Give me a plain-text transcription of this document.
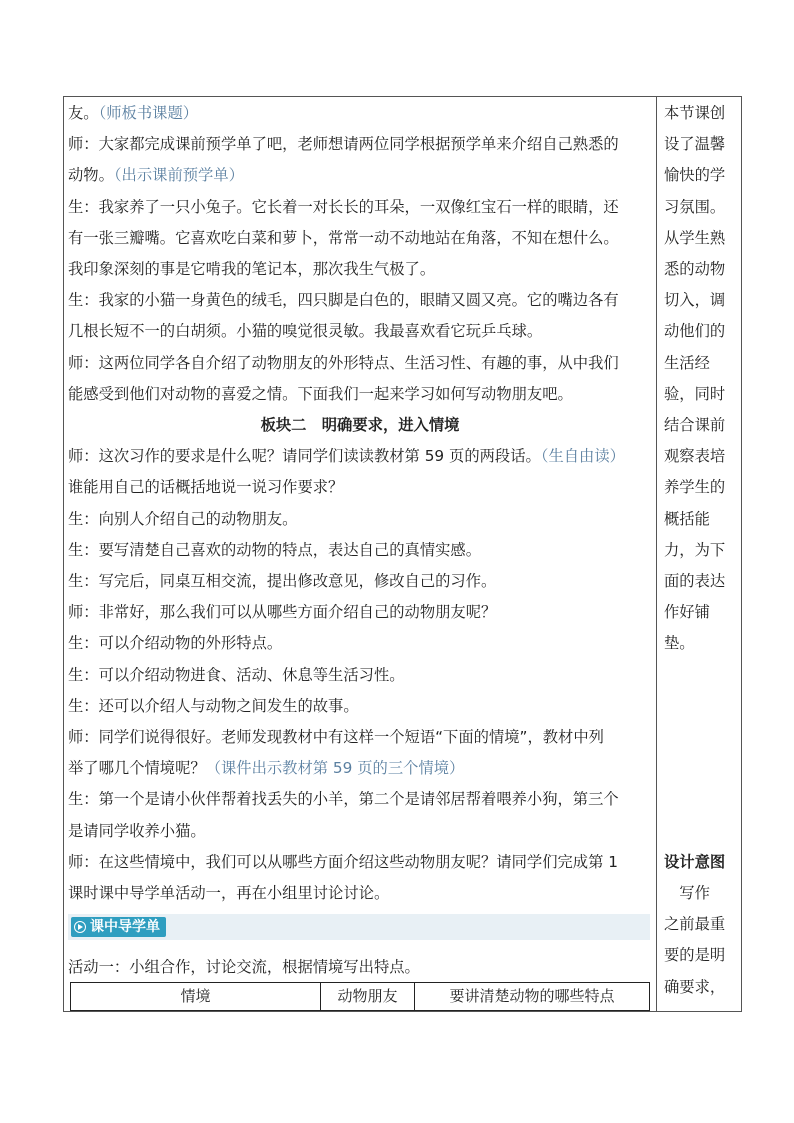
友。（师板书课题）
师：大家都完成课前预学单了吧，老师想请两位同学根据预学单来介绍自己熟悉的
动物。（出示课前预学单）
生：我家养了一只小兔子。它长着一对长长的耳朵，一双像红宝石一样的眼睛，还
有一张三瓣嘴。它喜欢吃白菜和萝卜，常常一动不动地站在角落，不知在想什么。
我印象深刻的事是它啃我的笔记本，那次我生气极了。
生：我家的小猫一身黄色的绒毛，四只脚是白色的，眼睛又圆又亮。它的嘴边各有
几根长短不一的白胡须。小猫的嗅觉很灵敏。我最喜欢看它玩乒乓球。
师：这两位同学各自介绍了动物朋友的外形特点、生活习性、有趣的事，从中我们
能感受到他们对动物的喜爱之情。下面我们一起来学习如何写动物朋友吧。
板块二　明确要求，进入情境
师：这次习作的要求是什么呢？请同学们读读教材第 59 页的两段话。（生自由读）
谁能用自己的话概括地说一说习作要求？
生：向别人介绍自己的动物朋友。
生：要写清楚自己喜欢的动物的特点，表达自己的真情实感。
生：写完后，同桌互相交流，提出修改意见，修改自己的习作。
师：非常好，那么我们可以从哪些方面介绍自己的动物朋友呢？
生：可以介绍动物的外形特点。
生：可以介绍动物进食、活动、休息等生活习性。
生：还可以介绍人与动物之间发生的故事。
师：同学们说得很好。老师发现教材中有这样一个短语“下面的情境”，教材中列
举了哪几个情境呢？（课件出示教材第 59 页的三个情境）
生：第一个是请小伙伴帮着找丢失的小羊，第二个是请邻居帮着喂养小狗，第三个
是请同学收养小猫。
师：在这些情境中，我们可以从哪些方面介绍这些动物朋友呢？请同学们完成第 1
课时课中导学单活动一，再在小组里讨论讨论。
课中导学单
活动一：小组合作，讨论交流，根据情境写出特点。
情境	动物朋友	要讲清楚动物的哪些特点
本节课创
设了温馨
愉快的学
习氛围。
从学生熟
悉的动物
切入，调
动他们的
生活经
验，同时
结合课前
观察表培
养学生的
概括能
力，为下
面的表达
作好铺
垫。
设计意图
　写作
之前最重
要的是明
确要求，
